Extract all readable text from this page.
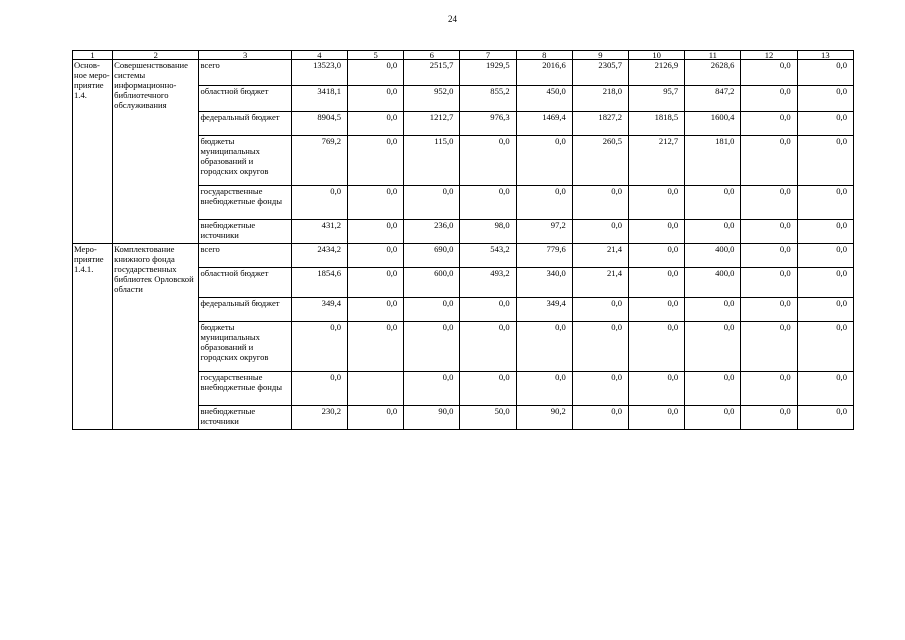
24
1	2	3	4	5	6	7	8	9	10	11	12	13
Основ-ное меро-приятие 1.4.	Совершенствование системы информационно-библиотечного обслуживания	всего	13523,0	0,0	2515,7	1929,5	2016,6	2305,7	2126,9	2628,6	0,0	0,0
		областной бюджет	3418,1	0,0	952,0	855,2	450,0	218,0	95,7	847,2	0,0	0,0
		федеральный бюджет	8904,5	0,0	1212,7	976,3	1469,4	1827,2	1818,5	1600,4	0,0	0,0
		бюджеты муниципальных образований и городских округов	769,2	0,0	115,0	0,0	0,0	260,5	212,7	181,0	0,0	0,0
		государственные внебюджетные фонды	0,0	0,0	0,0	0,0	0,0	0,0	0,0	0,0	0,0	0,0
		внебюджетные источники	431,2	0,0	236,0	98,0	97,2	0,0	0,0	0,0	0,0	0,0
Меро-приятие 1.4.1.	Комплектование книжного фонда государственных библиотек Орловской области	всего	2434,2	0,0	690,0	543,2	779,6	21,4	0,0	400,0	0,0	0,0
		областной бюджет	1854,6	0,0	600,0	493,2	340,0	21,4	0,0	400,0	0,0	0,0
		федеральный бюджет	349,4	0,0	0,0	0,0	349,4	0,0	0,0	0,0	0,0	0,0
		бюджеты муниципальных образований и городских округов	0,0	0,0	0,0	0,0	0,0	0,0	0,0	0,0	0,0	0,0
		государственные внебюджетные фонды	0,0		0,0	0,0	0,0	0,0	0,0	0,0	0,0	0,0
		внебюджетные источники	230,2	0,0	90,0	50,0	90,2	0,0	0,0	0,0	0,0	0,0
